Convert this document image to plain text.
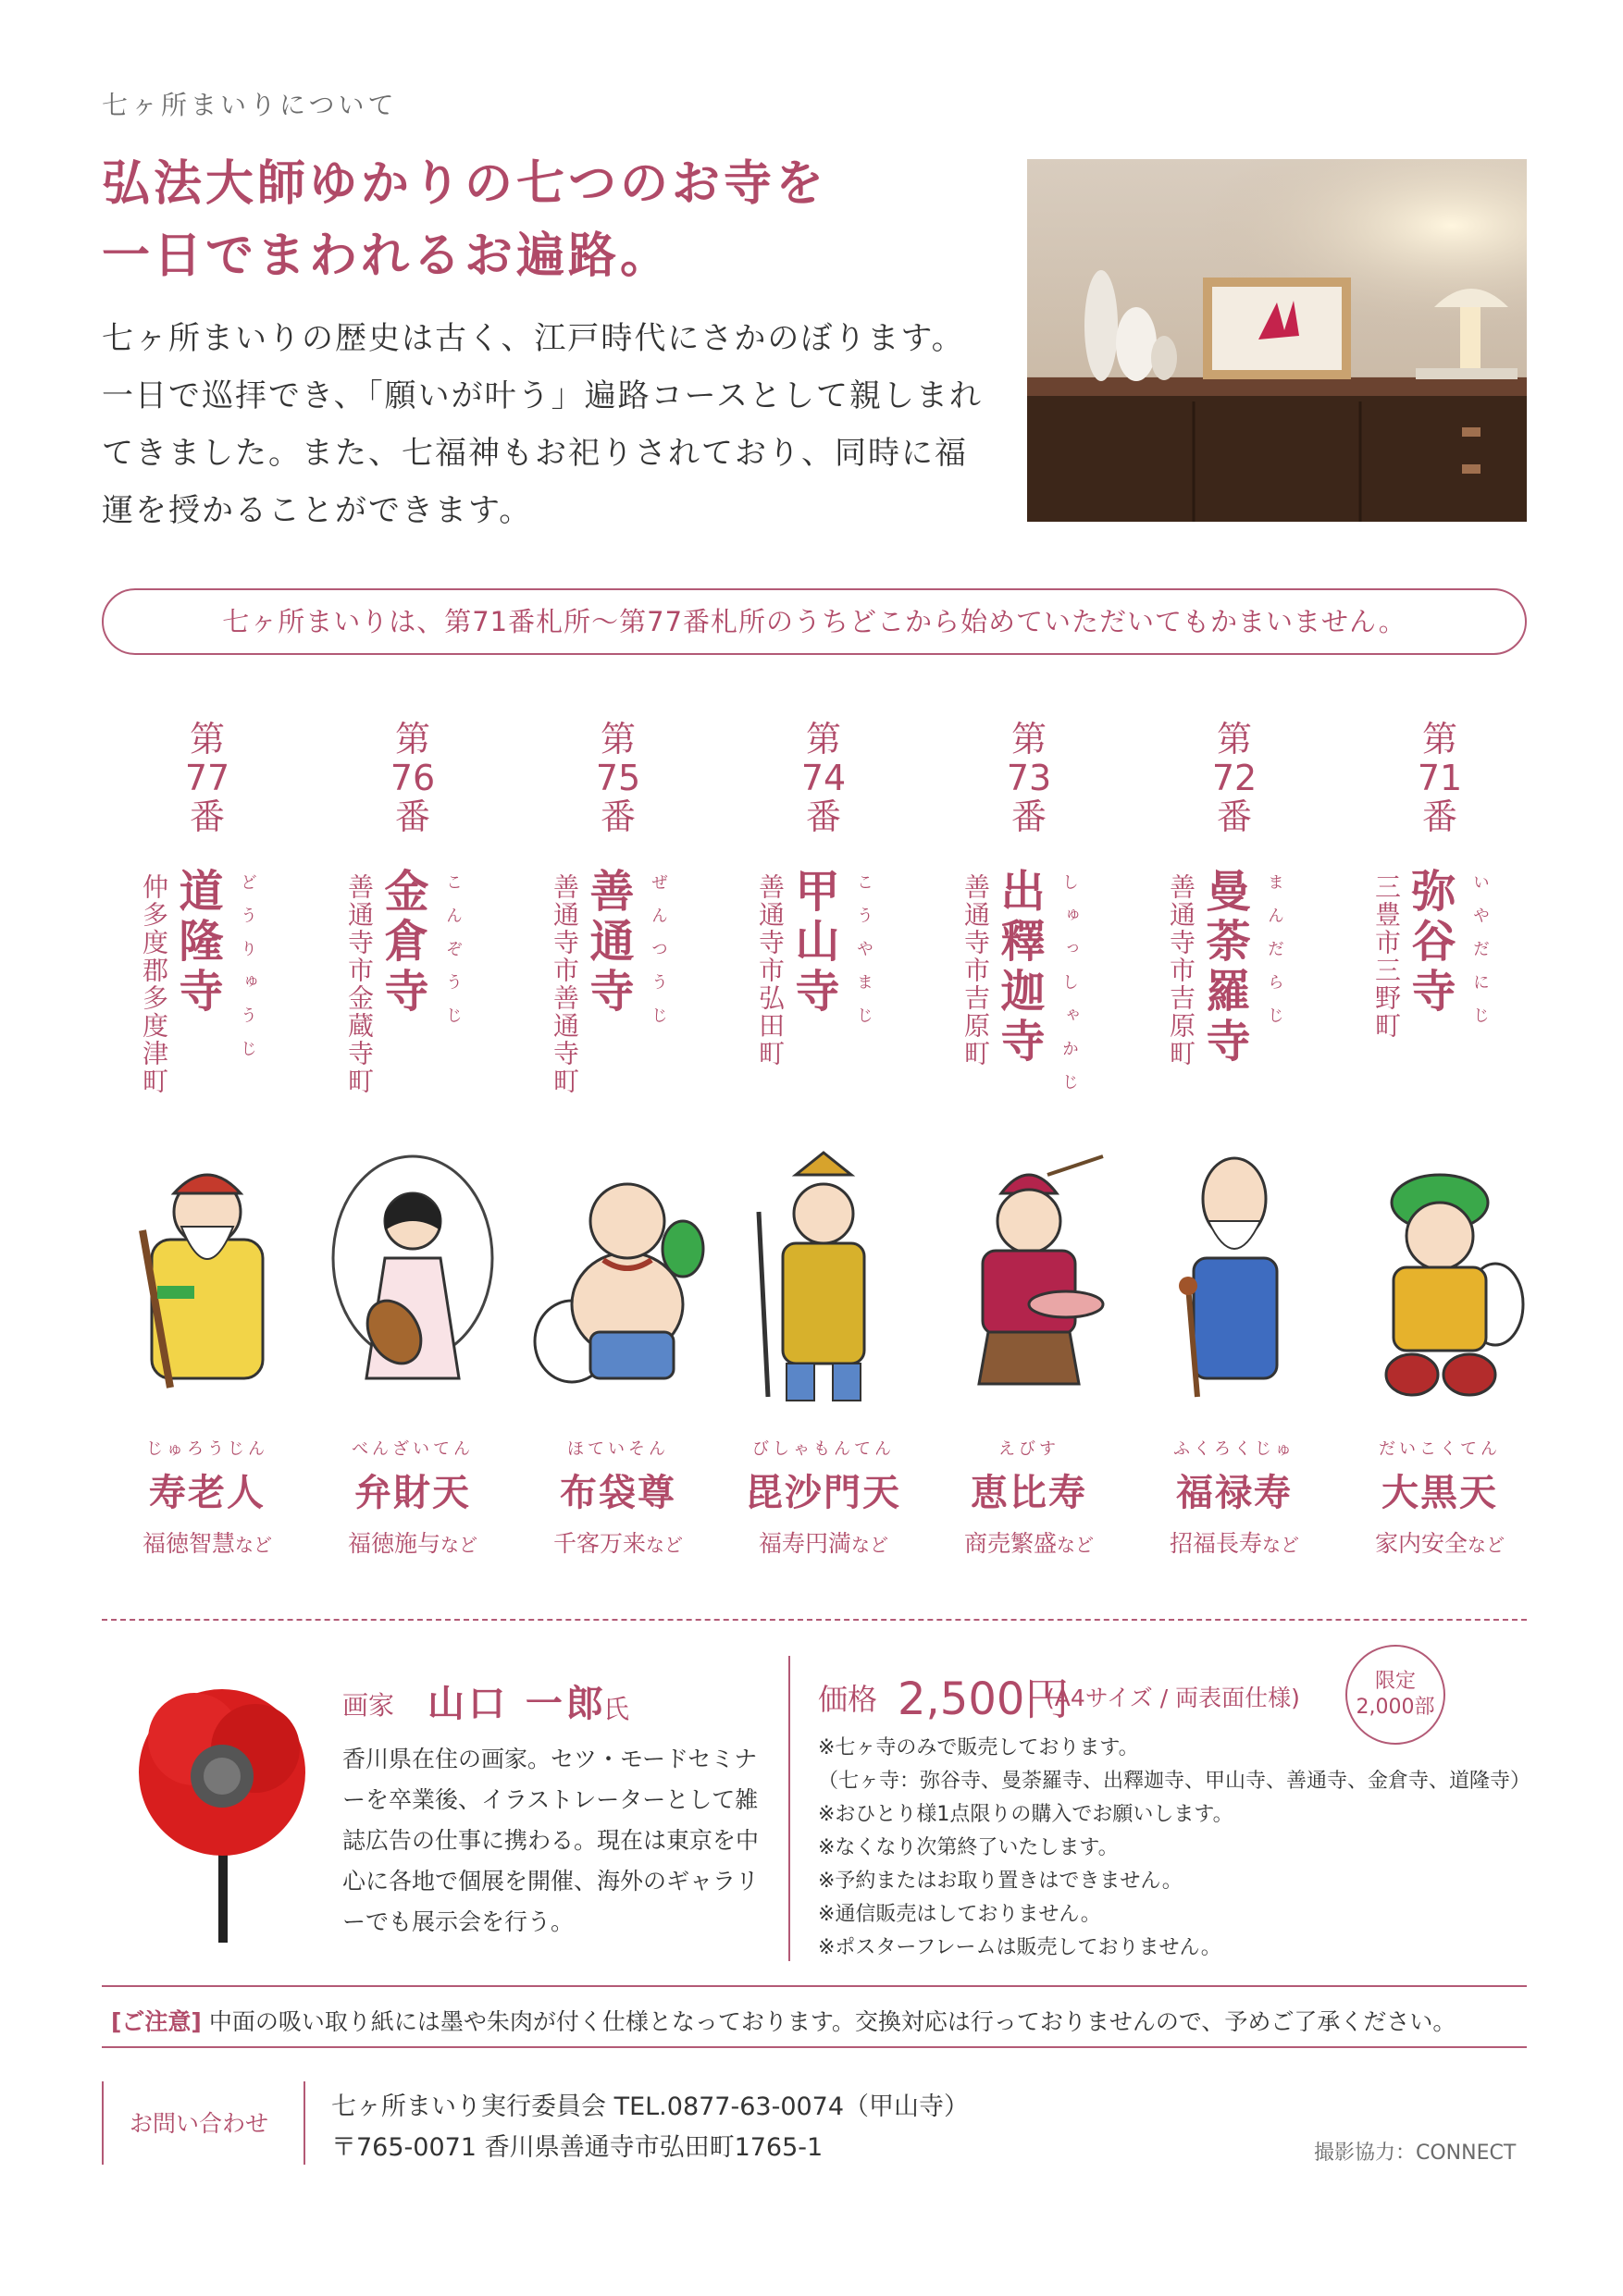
七ヶ所まいりについて
弘法大師ゆかりの七つのお寺を
一日でまわれるお遍路。
七ヶ所まいりの歴史は古く、江戸時代にさかのぼります。一日で巡拝でき、「願いが叶う」遍路コースとして親しまれてきました。また、七福神もお祀りされており、同時に福運を授かることができます。
七ヶ所まいりは、第71番札所～第77番札所のうちどこから始めていただいてもかまいません。
第
77
番
仲多度郡多度津町 道隆寺 どうりゅうじ
第
76
番
善通寺市金蔵寺町 金倉寺 こんぞうじ
第
75
番
善通寺市善通寺町 善通寺 ぜんつうじ
第
74
番
善通寺市弘田町 甲山寺 こうやまじ
第
73
番
善通寺市吉原町 出釋迦寺 しゅっしゃかじ
第
72
番
善通寺市吉原町 曼荼羅寺 まんだらじ
第
71
番
三豊市三野町 弥谷寺 いやだにじ
じゅろうじん
寿老人
福徳智慧など
べんざいてん
弁財天
福徳施与など
ほていそん
布袋尊
千客万来など
びしゃもんてん
毘沙門天
福寿円満など
えびす
恵比寿
商売繁盛など
ふくろくじゅ
福禄寿
招福長寿など
だいこくてん
大黒天
家内安全など
画家 山口 一郎
氏
香川県在住の画家。セツ・モードセミナーを卒業後、イラストレーターとして雑誌広告の仕事に携わる。現在は東京を中心に各地で個展を開催、海外のギャラリーでも展示会を行う。
価格 2,500円
(A4サイズ / 両表面仕様)
限定
2,000部
※七ヶ寺のみで販売しております。
（七ヶ寺：弥谷寺、曼荼羅寺、出釋迦寺、甲山寺、善通寺、金倉寺、道隆寺）
※おひとり様1点限りの購入でお願いします。
※なくなり次第終了いたします。
※予約またはお取り置きはできません。
※通信販売はしておりません。
※ポスターフレームは販売しておりません。
[ご注意] 中面の吸い取り紙には墨や朱肉が付く仕様となっております。交換対応は行っておりませんので、予めご了承ください。
お問い合わせ
七ヶ所まいり実行委員会 TEL.0877-63-0074（甲山寺）
〒765-0071 香川県善通寺市弘田町1765-1	撮影協力：CONNECT
